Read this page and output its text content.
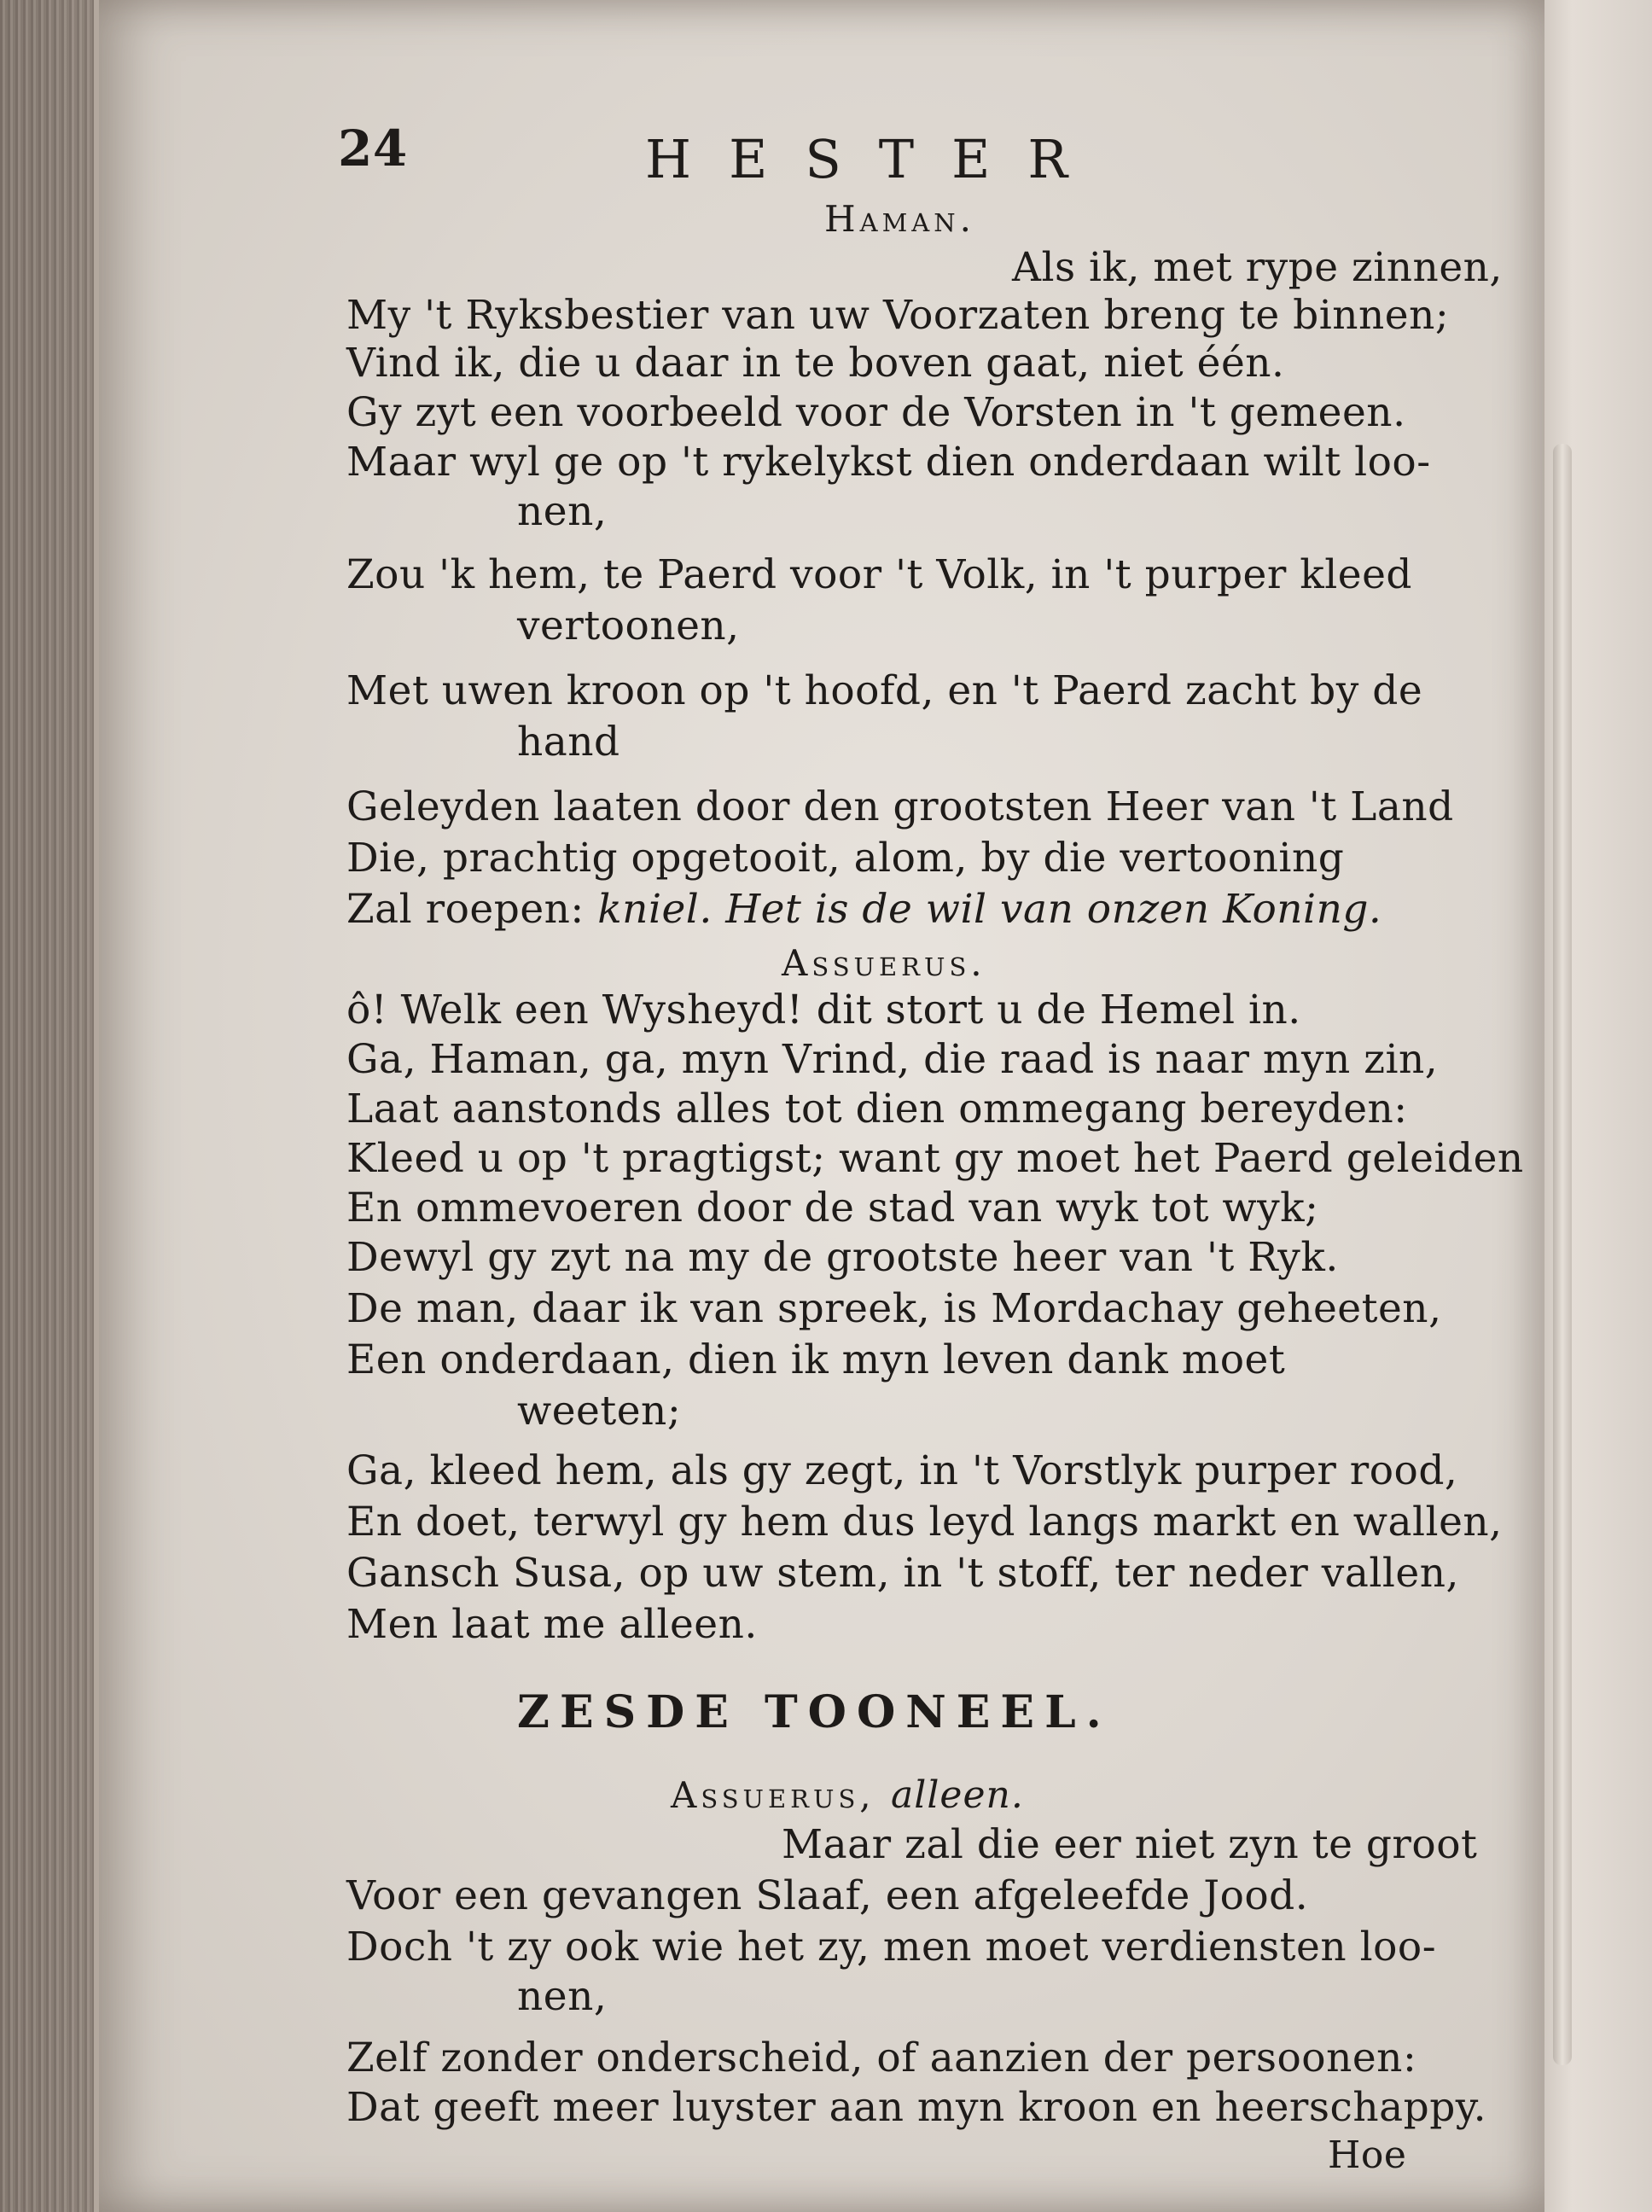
24	HESTER
Haman.
Als ik, met rype zinnen,
My 't Ryksbestier van uw Voorzaten breng te binnen;
Vind ik, die u daar in te boven gaat, niet één.
Gy zyt een voorbeeld voor de Vorsten in 't gemeen.
Maar wyl ge op 't rykelykst dien onderdaan wilt loo-
nen,
Zou 'k hem, te Paerd voor 't Volk, in 't purper kleed
vertoonen,
Met uwen kroon op 't hoofd, en 't Paerd zacht by de
hand
Geleyden laaten door den grootsten Heer van 't Land
Die, prachtig opgetooit, alom, by die vertooning
Zal roepen: kniel. Het is de wil van onzen Koning.
Assuerus.
ô! Welk een Wysheyd! dit stort u de Hemel in.
Ga, Haman, ga, myn Vrind, die raad is naar myn zin,
Laat aanstonds alles tot dien ommegang bereyden:
Kleed u op 't pragtigst; want gy moet het Paerd geleiden
En ommevoeren door de stad van wyk tot wyk;
Dewyl gy zyt na my de grootste heer van 't Ryk.
De man, daar ik van spreek, is Mordachay geheeten,
Een onderdaan, dien ik myn leven dank moet
weeten;
Ga, kleed hem, als gy zegt, in 't Vorstlyk purper rood,
En doet, terwyl gy hem dus leyd langs markt en wallen,
Gansch Susa, op uw stem, in 't stoff, ter neder vallen,
Men laat me alleen.
ZESDE TOONEEL.
Assuerus, alleen.
Maar zal die eer niet zyn te groot
Voor een gevangen Slaaf, een afgeleefde Jood.
Doch 't zy ook wie het zy, men moet verdiensten loo-
nen,
Zelf zonder onderscheid, of aanzien der persoonen:
Dat geeft meer luyster aan myn kroon en heerschappy.
Hoe
